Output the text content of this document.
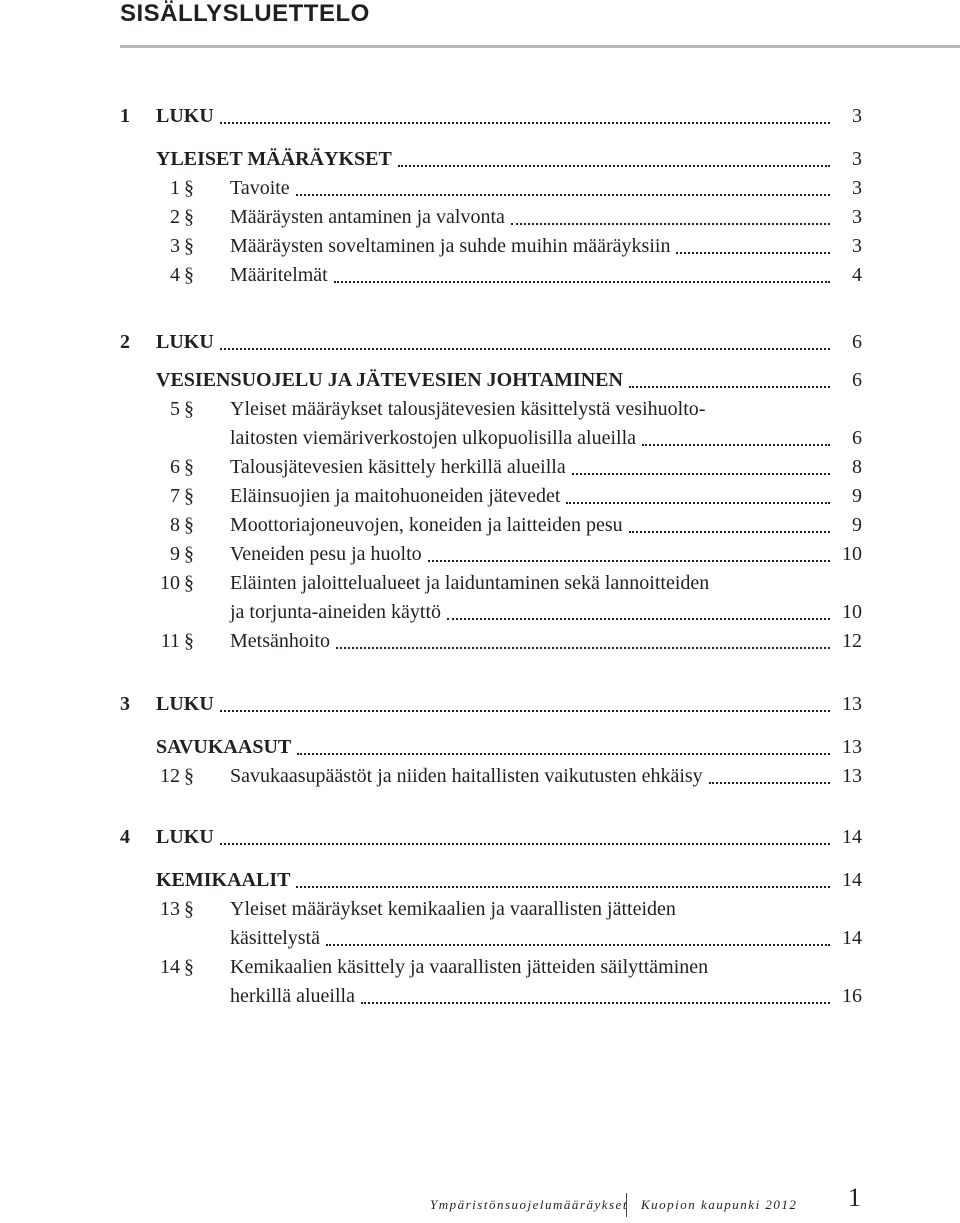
SISÄLLYSLUETTELO
1 LUKU	3
YLEISET MÄÄRÄYKSET	3
1 § Tavoite	3
2 § Määräysten antaminen ja valvonta	3
3 § Määräysten soveltaminen ja suhde muihin määräyksiin	3
4 § Määritelmät	4
2 LUKU	6
VESIENSUOJELU JA JÄTEVESIEN JOHTAMINEN	6
5 § Yleiset määräykset talousjätevesien käsittelystä vesihuolto-
laitosten viemäriverkostojen ulkopuolisilla alueilla	6
6 § Talousjätevesien käsittely herkillä alueilla	8
7 § Eläinsuojien ja maitohuoneiden jätevedet	9
8 § Moottoriajoneuvojen, koneiden ja laitteiden pesu	9
9 § Veneiden pesu ja huolto	10
10 § Eläinten jaloittelualueet ja laiduntaminen sekä lannoitteiden
ja torjunta-aineiden käyttö	10
11 § Metsänhoito	12
3 LUKU	13
SAVUKAASUT	13
12 § Savukaasupäästöt ja niiden haitallisten vaikutusten ehkäisy	13
4 LUKU	14
KEMIKAALIT	14
13 § Yleiset määräykset kemikaalien ja vaarallisten jätteiden
käsittelystä	14
14 § Kemikaalien käsittely ja vaarallisten jätteiden säilyttäminen
herkillä alueilla	16
Ympäristönsuojelumääräykset Kuopion kaupunki 2012 1
